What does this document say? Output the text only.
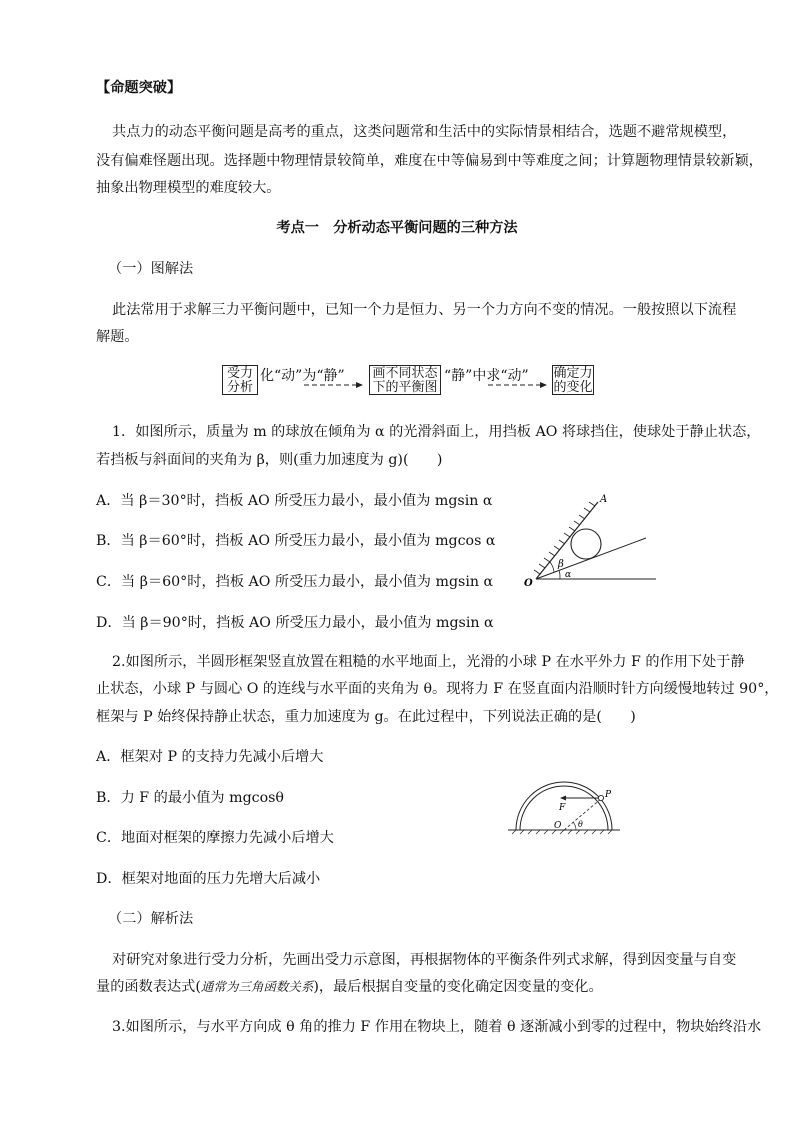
【命题突破】
共点力的动态平衡问题是高考的重点，这类问题常和生活中的实际情景相结合，选题不避常规模型，
没有偏难怪题出现。选择题中物理情景较简单，难度在中等偏易到中等难度之间；计算题物理情景较新颖，
抽象出物理模型的难度较大。
考点一　分析动态平衡问题的三种方法
（一）图解法
此法常用于求解三力平衡问题中，已知一个力是恒力、另一个力方向不变的情况。一般按照以下流程
解题。
受力
分析
化“动”为“静” 画不同状态
下的平衡图
“静”中求“动” 确定力
的变化
1．如图所示，质量为 m 的球放在倾角为 α 的光滑斜面上，用挡板 AO 将球挡住，使球处于静止状态，
若挡板与斜面间的夹角为 β，则(重力加速度为 g)(　　)
A．当 β＝30°时，挡板 AO 所受压力最小，最小值为 mgsin α
B．当 β＝60°时，挡板 AO 所受压力最小，最小值为 mgcos α
C．当 β＝60°时，挡板 AO 所受压力最小，最小值为 mgsin α
D．当 β＝90°时，挡板 AO 所受压力最小，最小值为 mgsin α
A
O
β
α
2.如图所示，半圆形框架竖直放置在粗糙的水平地面上，光滑的小球 P 在水平外力 F 的作用下处于静
止状态，小球 P 与圆心 O 的连线与水平面的夹角为 θ。现将力 F 在竖直面内沿顺时针方向缓慢地转过 90°，
框架与 P 始终保持静止状态，重力加速度为 g。在此过程中，下列说法正确的是(　　)
A．框架对 P 的支持力先减小后增大
B．力 F 的最小值为 mgcosθ
C．地面对框架的摩擦力先减小后增大
D．框架对地面的压力先增大后减小
F
P
O θ
（二）解析法
对研究对象进行受力分析，先画出受力示意图，再根据物体的平衡条件列式求解，得到因变量与自变
量的函数表达式(通常为三角函数关系)，最后根据自变量的变化确定因变量的变化。
3.如图所示，与水平方向成 θ 角的推力 F 作用在物块上，随着 θ 逐渐减小到零的过程中，物块始终沿水
